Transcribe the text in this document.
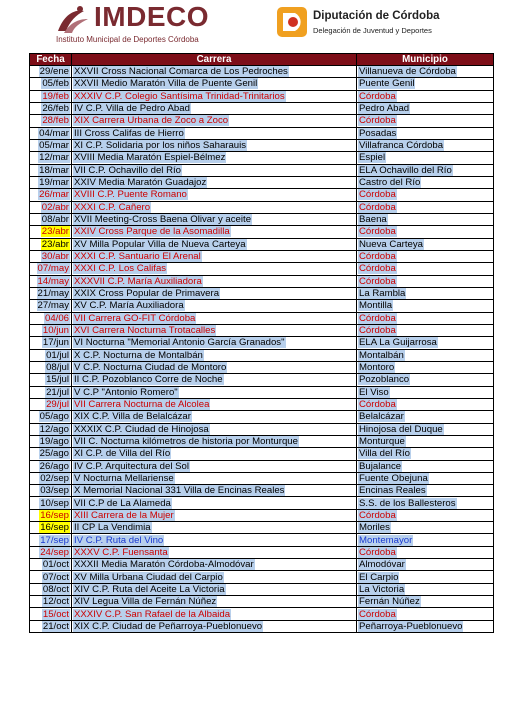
IMDECO
Instituto Municipal de Deportes Córdoba
Diputación de Córdoba
Delegación de Juventud y Deportes
Fecha	Carrera	Municipio
29/ene	XXVII Cross Nacional Comarca de Los Pedroches	Villanueva de Córdoba
05/feb	XXVII Medio Maratón Villa de Puente Genil	Puente Genil
19/feb	XXXIV C.P. Colegio Santísima Trinidad-Trinitarios	Córdoba
26/feb	IV C.P. Villa de Pedro Abad	Pedro Abad
28/feb	XIX Carrera Urbana de Zoco a Zoco	Córdoba
04/mar	III Cross Califas de Hierro	Posadas
05/mar	XI C.P. Solidaria por los niños Saharauis	Villafranca Córdoba
12/mar	XVIII Media Maratón Espiel-Bélmez	Espiel
18/mar	VII C.P. Ochavillo del Río	ELA Ochavillo del Río
19/mar	XXIV Media Maratón Guadajoz	Castro del Río
26/mar	XVIII C.P. Puente Romano	Córdoba
02/abr	XXXI C.P. Cañero	Córdoba
08/abr	XVII Meeting-Cross Baena Olivar y aceite	Baena
23/abr	XXIV Cross Parque de la Asomadilla	Córdoba
23/abr	XV Milla Popular Villa de Nueva Carteya	Nueva Carteya
30/abr	XXXI C.P. Santuario El Arenal	Córdoba
07/may	XXXI C.P. Los Califas	Córdoba
14/may	XXXVII C.P. María Auxiliadora	Córdoba
21/may	XXIX Cross Popular de Primavera	La Rambla
27/may	XV C.P. María Auxiliadora	Montilla
04/06	VII Carrera GO-FIT Córdoba	Córdoba
10/jun	XVI Carrera Nocturna Trotacalles	Córdoba
17/jun	VI Nocturna "Memorial Antonio García Granados"	ELA La Guijarrosa
01/jul	X C.P. Nocturna de Montalbán	Montalbán
08/jul	V C.P. Nocturna Ciudad de Montoro	Montoro
15/jul	II C.P. Pozoblanco Corre de Noche	Pozoblanco
21/jul	V C.P "Antonio Romero"	El Viso
29/jul	VII Carrera Nocturna de Alcolea	Córdoba
05/ago	XIX C.P. Villa de Belalcázar	Belalcázar
12/ago	XXXIX C.P. Ciudad de Hinojosa	Hinojosa del Duque
19/ago	VII C. Nocturna kilómetros de historia por Monturque	Monturque
25/ago	XI C.P. de Villa del Río	Villa del Río
26/ago	IV C.P. Arquitectura del Sol	Bujalance
02/sep	V Nocturna Mellariense	Fuente Obejuna
03/sep	X Memorial Nacional 331 Villa de Encinas Reales	Encinas Reales
10/sep	VII C.P de La Alameda	S.S. de los Ballesteros
16/sep	XIII Carrera de la Mujer	Córdoba
16/sep	II CP La Vendimia	Moriles
17/sep	IV C.P. Ruta del Vino	Montemayor
24/sep	XXXV C.P. Fuensanta	Córdoba
01/oct	XXXII Media Maratón Córdoba-Almodóvar	Almodóvar
07/oct	XV Milla Urbana Ciudad del Carpio	El Carpio
08/oct	XIV C.P. Ruta del Aceite La Victoria	La Victoria
12/oct	XIV Legua Villa de Fernán Núñez	Fernán Núñez
15/oct	XXXIV C.P. San Rafael de la Albaida	Córdoba
21/oct	XIX C.P. Ciudad de Peñarroya-Pueblonuevo	Peñarroya-Pueblonuevo
